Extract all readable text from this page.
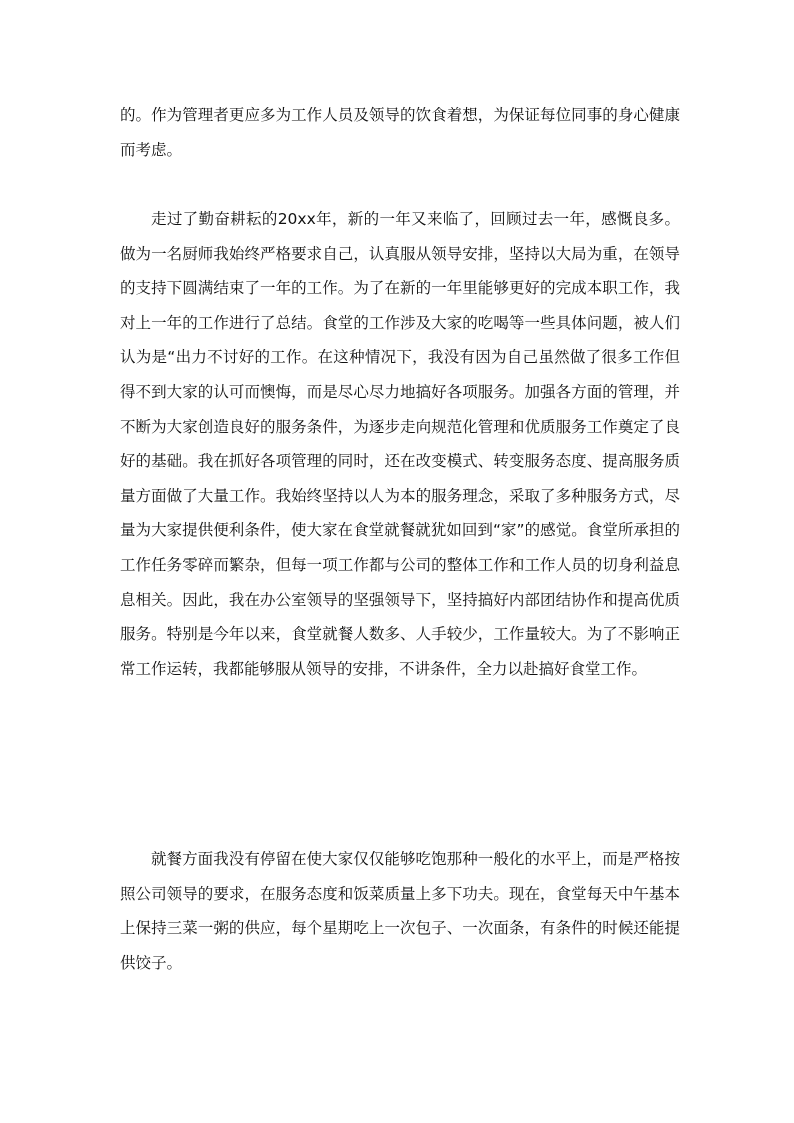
的。作为管理者更应多为工作人员及领导的饮食着想，为保证每位同事的身心健康而考虑。

走过了勤奋耕耘的20xx年，新的一年又来临了，回顾过去一年，感慨良多。做为一名厨师我始终严格要求自己，认真服从领导安排，坚持以大局为重，在领导的支持下圆满结束了一年的工作。为了在新的一年里能够更好的完成本职工作，我对上一年的工作进行了总结。食堂的工作涉及大家的吃喝等一些具体问题，被人们认为是“出力不讨好的工作。在这种情况下，我没有因为自己虽然做了很多工作但得不到大家的认可而懊悔，而是尽心尽力地搞好各项服务。加强各方面的管理，并不断为大家创造良好的服务条件，为逐步走向规范化管理和优质服务工作奠定了良好的基础。我在抓好各项管理的同时，还在改变模式、转变服务态度、提高服务质量方面做了大量工作。我始终坚持以人为本的服务理念，采取了多种服务方式，尽量为大家提供便利条件，使大家在食堂就餐就犹如回到“家”的感觉。食堂所承担的工作任务零碎而繁杂，但每一项工作都与公司的整体工作和工作人员的切身利益息息相关。因此，我在办公室领导的坚强领导下，坚持搞好内部团结协作和提高优质服务。特别是今年以来，食堂就餐人数多、人手较少，工作量较大。为了不影响正常工作运转，我都能够服从领导的安排，不讲条件，全力以赴搞好食堂工作。

就餐方面我没有停留在使大家仅仅能够吃饱那种一般化的水平上，而是严格按照公司领导的要求，在服务态度和饭菜质量上多下功夫。现在，食堂每天中午基本上保持三菜一粥的供应，每个星期吃上一次包子、一次面条，有条件的时候还能提供饺子。
